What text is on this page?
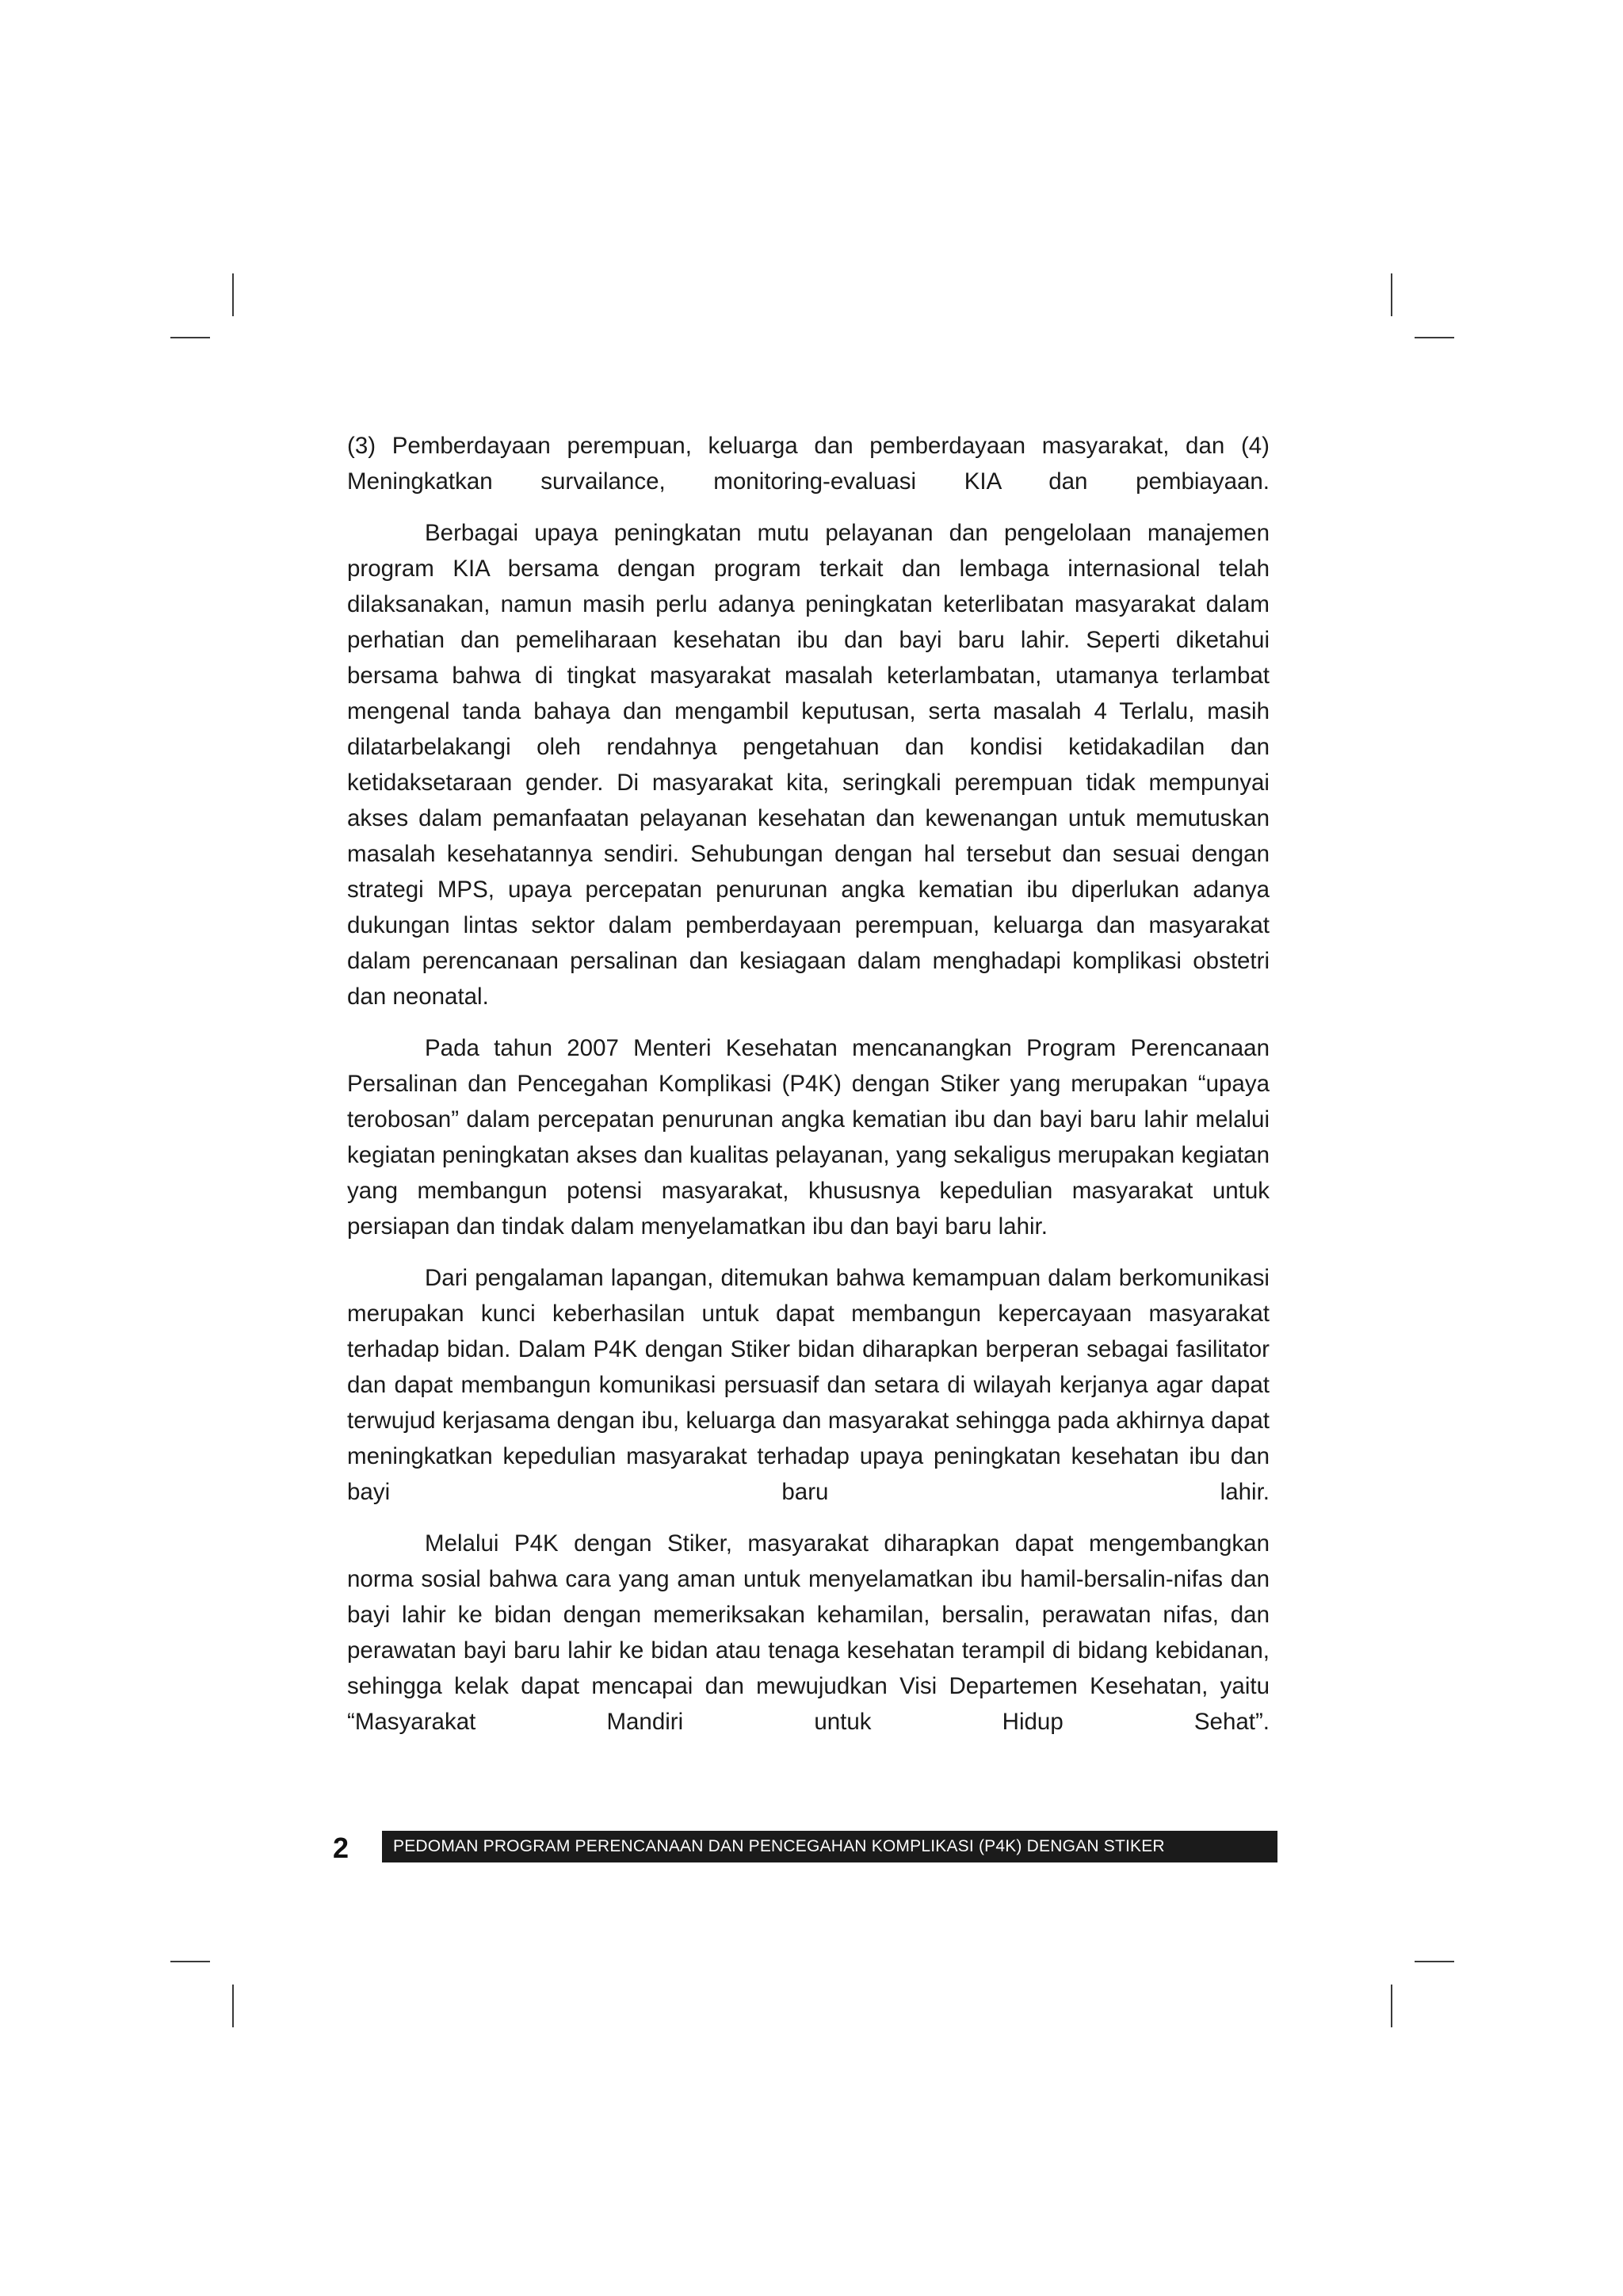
(3) Pemberdayaan perempuan, keluarga dan pemberdayaan masyarakat, dan (4) Meningkatkan survailance, monitoring-evaluasi KIA dan pembiayaan.

Berbagai upaya peningkatan mutu pelayanan dan pengelolaan manajemen program KIA bersama dengan program terkait dan lembaga internasional telah dilaksanakan, namun masih perlu adanya peningkatan keterlibatan masyarakat dalam perhatian dan pemeliharaan kesehatan ibu dan bayi baru lahir. Seperti diketahui bersama bahwa di tingkat masyarakat masalah keterlambatan, utamanya terlambat mengenal tanda bahaya dan mengambil keputusan, serta masalah 4 Terlalu, masih dilatarbelakangi oleh rendahnya pengetahuan dan kondisi ketidakadilan dan ketidaksetaraan gender. Di masyarakat kita, seringkali perempuan tidak mempunyai akses dalam pemanfaatan pelayanan kesehatan dan kewenangan untuk memutuskan masalah kesehatannya sendiri. Sehubungan dengan hal tersebut dan sesuai dengan strategi MPS, upaya percepatan penurunan angka kematian ibu diperlukan adanya dukungan lintas sektor dalam pemberdayaan perempuan, keluarga dan masyarakat dalam perencanaan persalinan dan kesiagaan dalam menghadapi komplikasi obstetri dan neonatal.

Pada tahun 2007 Menteri Kesehatan mencanangkan Program Perencanaan Persalinan dan Pencegahan Komplikasi (P4K) dengan Stiker yang merupakan “upaya terobosan” dalam percepatan penurunan angka kematian ibu dan bayi baru lahir melalui kegiatan peningkatan akses dan kualitas pelayanan, yang sekaligus merupakan kegiatan yang membangun potensi masyarakat, khususnya kepedulian masyarakat untuk persiapan dan tindak dalam menyelamatkan ibu dan bayi baru lahir.

Dari pengalaman lapangan, ditemukan bahwa kemampuan dalam berkomunikasi merupakan kunci keberhasilan untuk dapat membangun kepercayaan masyarakat terhadap bidan. Dalam P4K dengan Stiker bidan diharapkan berperan sebagai fasilitator dan dapat membangun komunikasi persuasif dan setara di wilayah kerjanya agar dapat terwujud kerjasama dengan ibu, keluarga dan masyarakat sehingga pada akhirnya dapat meningkatkan kepedulian masyarakat terhadap upaya peningkatan kesehatan ibu dan bayi baru lahir.

Melalui P4K dengan Stiker, masyarakat diharapkan dapat mengembangkan norma sosial bahwa cara yang aman untuk menyelamatkan ibu hamil-bersalin-nifas dan bayi lahir ke bidan dengan memeriksakan kehamilan, bersalin, perawatan nifas, dan perawatan bayi baru lahir ke bidan atau tenaga kesehatan terampil di bidang kebidanan, sehingga kelak dapat mencapai dan mewujudkan Visi Departemen Kesehatan, yaitu “Masyarakat Mandiri untuk Hidup Sehat”.

2	PEDOMAN PROGRAM PERENCANAAN DAN PENCEGAHAN KOMPLIKASI (P4K) DENGAN STIKER
